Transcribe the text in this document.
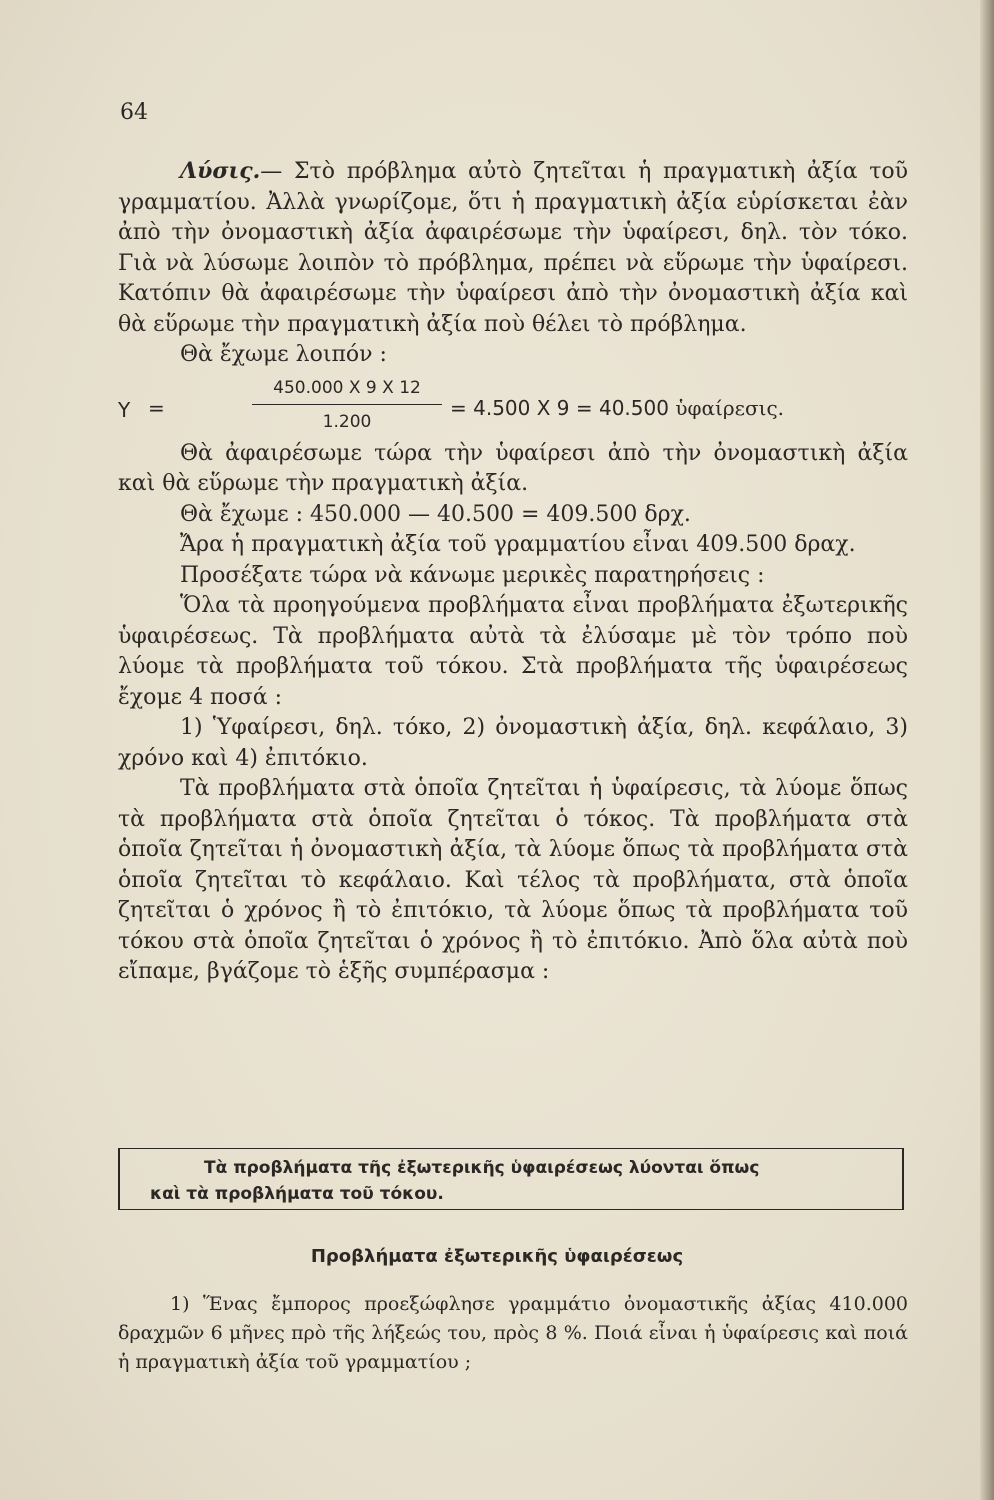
64

Λύσις.— Στὸ πρόβλημα αὐτὸ ζητεῖται ἡ πραγματικὴ ἀξία τοῦ γραμματίου. Ἀλλὰ γνωρίζομε, ὅτι ἡ πραγματικὴ ἀξία εὑρίσκεται ἐὰν ἀπὸ τὴν ὀνομαστικὴ ἀξία ἀφαιρέσωμε τὴν ὑφαίρεσι, δηλ. τὸν τόκο. Γιὰ νὰ λύσωμε λοιπὸν τὸ πρόβλημα, πρέπει νὰ εὕρωμε τὴν ὑφαίρεσι. Κατόπιν θὰ ἀφαιρέσωμε τὴν ὑφαίρεσι ἀπὸ τὴν ὀνομαστικὴ ἀξία καὶ θὰ εὕρωμε τὴν πραγματικὴ ἀξία ποὺ θέλει τὸ πρόβλημα.

Θὰ ἔχωμε λοιπόν :

Y =	$\frac{450.000 X 9 X 12}{1.200} = 4.500$ X 9 = 40.500 ὑφαίρεσις.

Θὰ ἀφαιρέσωμε τώρα τὴν ὑφαίρεσι ἀπὸ τὴν ὀνομαστικὴ ἀξία καὶ θὰ εὕρωμε τὴν πραγματικὴ ἀξία.

Θὰ ἔχωμε : 450.000 — 40.500 = 409.500 δρχ.

Ἄρα ἡ πραγματικὴ ἀξία τοῦ γραμματίου εἶναι 409.500 δραχ.

Προσέξατε τώρα νὰ κάνωμε μερικὲς παρατηρήσεις :

Ὅλα τὰ προηγούμενα προβλήματα εἶναι προβλήματα ἐξωτερικῆς ὑφαιρέσεως. Τὰ προβλήματα αὐτὰ τὰ ἐλύσαμε μὲ τὸν τρόπο ποὺ λύομε τὰ προβλήματα τοῦ τόκου. Στὰ προβλήματα τῆς ὑφαιρέσεως ἔχομε 4 ποσά :

1) Ὑφαίρεσι, δηλ. τόκο, 2) ὀνομαστικὴ ἀξία, δηλ. κεφάλαιο, 3) χρόνο καὶ 4) ἐπιτόκιο.

Τὰ προβλήματα στὰ ὁποῖα ζητεῖται ἡ ὑφαίρεσις, τὰ λύομε ὅπως τὰ προβλήματα στὰ ὁποῖα ζητεῖται ὁ τόκος. Τὰ προβλήματα στὰ ὁποῖα ζητεῖται ἡ ὀνομαστικὴ ἀξία, τὰ λύομε ὅπως τὰ προβλήματα στὰ ὁποῖα ζητεῖται τὸ κεφάλαιο. Καὶ τέλος τὰ προβλήματα, στὰ ὁποῖα ζητεῖται ὁ χρόνος ἢ τὸ ἐπιτόκιο, τὰ λύομε ὅπως τὰ προβλήματα τοῦ τόκου στὰ ὁποῖα ζητεῖται ὁ χρόνος ἢ τὸ ἐπιτόκιο. Ἀπὸ ὅλα αὐτὰ ποὺ εἴπαμε, βγάζομε τὸ ἑξῆς συμπέρασμα :

Τὰ προβλήματα τῆς ἐξωτερικῆς ὑφαιρέσεως λύονται ὅπως
καὶ τὰ προβλήματα τοῦ τόκου.
Προβλήματα ἐξωτερικῆς ὑφαιρέσεως

1) Ἕνας ἔμπορος προεξώφλησε γραμμάτιο ὀνομαστικῆς ἀξίας 410.000 δραχμῶν 6 μῆνες πρὸ τῆς λήξεώς του, πρὸς 8 %. Ποιά εἶναι ἡ ὑφαίρεσις καὶ ποιά ἡ πραγματικὴ ἀξία τοῦ γραμματίου ;
